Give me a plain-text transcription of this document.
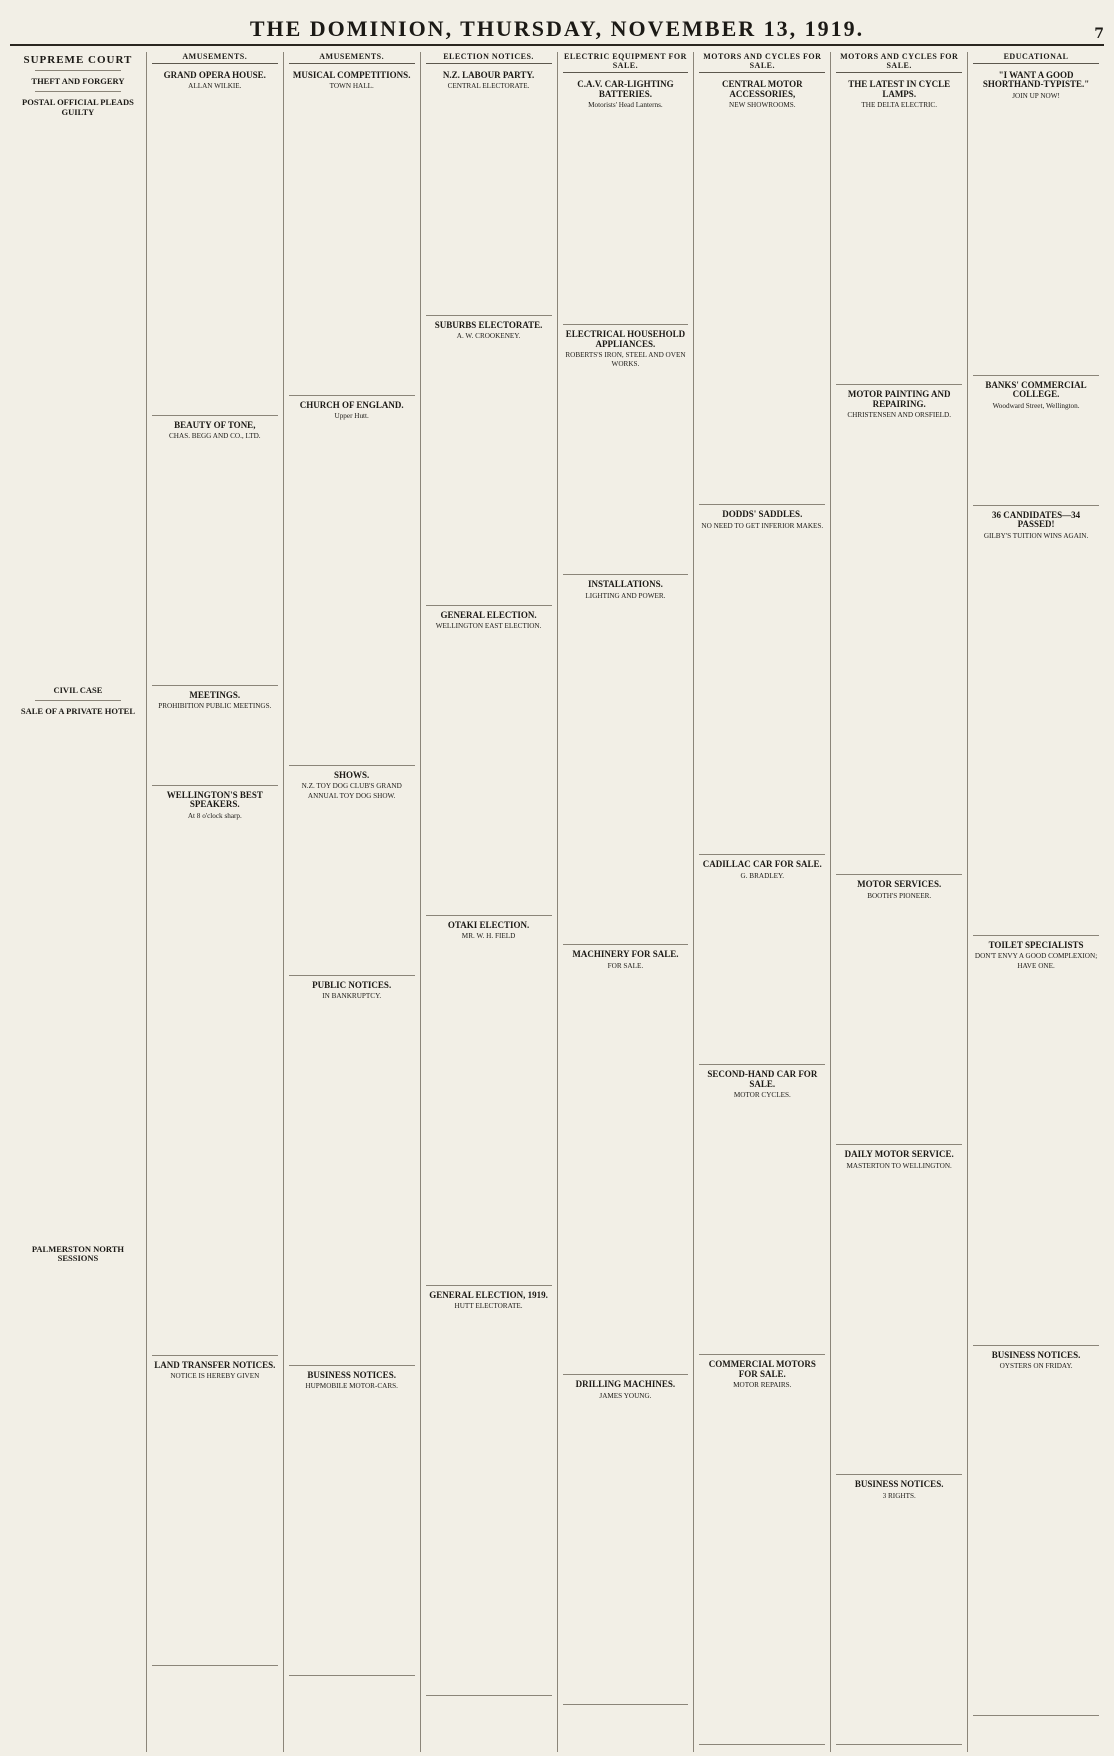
THE DOMINION, THURSDAY, NOVEMBER 13, 1919.	7
SUPREME COURT
THEFT AND FORGERY
POSTAL OFFICIAL PLEADS GUILTY
CIVIL CASE
SALE OF A PRIVATE HOTEL
PALMERSTON NORTH SESSIONS
AMUSEMENTS.
GRAND OPERA HOUSE.

ALLAN WILKIE.

BEAUTY OF TONE,

CHAS. BEGG AND CO., LTD.

MEETINGS.

PROHIBITION PUBLIC MEETINGS.

WELLINGTON'S BEST SPEAKERS.

At 8 o'clock sharp.

LAND TRANSFER NOTICES.

NOTICE IS HEREBY GIVEN

AMUSEMENTS.
MUSICAL COMPETITIONS.

TOWN HALL.

CHURCH OF ENGLAND.

Upper Hutt.

SHOWS.

N.Z. TOY DOG CLUB'S GRAND ANNUAL TOY DOG SHOW.

PUBLIC NOTICES.

IN BANKRUPTCY.

BUSINESS NOTICES.

HUPMOBILE MOTOR-CARS.

ELECTION NOTICES.
N.Z. LABOUR PARTY.

CENTRAL ELECTORATE.

SUBURBS ELECTORATE.

A. W. CROOKENEY.

GENERAL ELECTION.

WELLINGTON EAST ELECTION.

OTAKI ELECTION.

MR. W. H. FIELD

GENERAL ELECTION, 1919.

HUTT ELECTORATE.

ELECTRIC EQUIPMENT FOR SALE.
C.A.V. CAR-LIGHTING BATTERIES.

Motorists' Head Lanterns.

ELECTRICAL HOUSEHOLD APPLIANCES.

ROBERTS'S IRON, STEEL AND OVEN WORKS.

INSTALLATIONS.

LIGHTING AND POWER.

MACHINERY FOR SALE.

FOR SALE.

DRILLING MACHINES.

JAMES YOUNG.

MOTORS AND CYCLES FOR SALE.
CENTRAL MOTOR ACCESSORIES,

NEW SHOWROOMS.

DODDS' SADDLES.

NO NEED TO GET INFERIOR MAKES.

CADILLAC CAR FOR SALE.

G. BRADLEY.

SECOND-HAND CAR FOR SALE.

MOTOR CYCLES.

COMMERCIAL MOTORS FOR SALE.

MOTOR REPAIRS.

MOTORS AND CYCLES FOR SALE.
THE LATEST IN CYCLE LAMPS.

THE DELTA ELECTRIC.

MOTOR PAINTING AND REPAIRING.

CHRISTENSEN AND ORSFIELD.

MOTOR SERVICES.

BOOTH'S PIONEER.

DAILY MOTOR SERVICE.

MASTERTON TO WELLINGTON.

BUSINESS NOTICES.

3 RIGHTS.

EDUCATIONAL
"I WANT A GOOD SHORTHAND-TYPISTE."

JOIN UP NOW!

BANKS' COMMERCIAL COLLEGE.

Woodward Street, Wellington.

36 CANDIDATES—34 PASSED!

GILBY'S TUITION WINS AGAIN.

TOILET SPECIALISTS

DON'T ENVY A GOOD COMPLEXION; HAVE ONE.

BUSINESS NOTICES.

OYSTERS ON FRIDAY.
